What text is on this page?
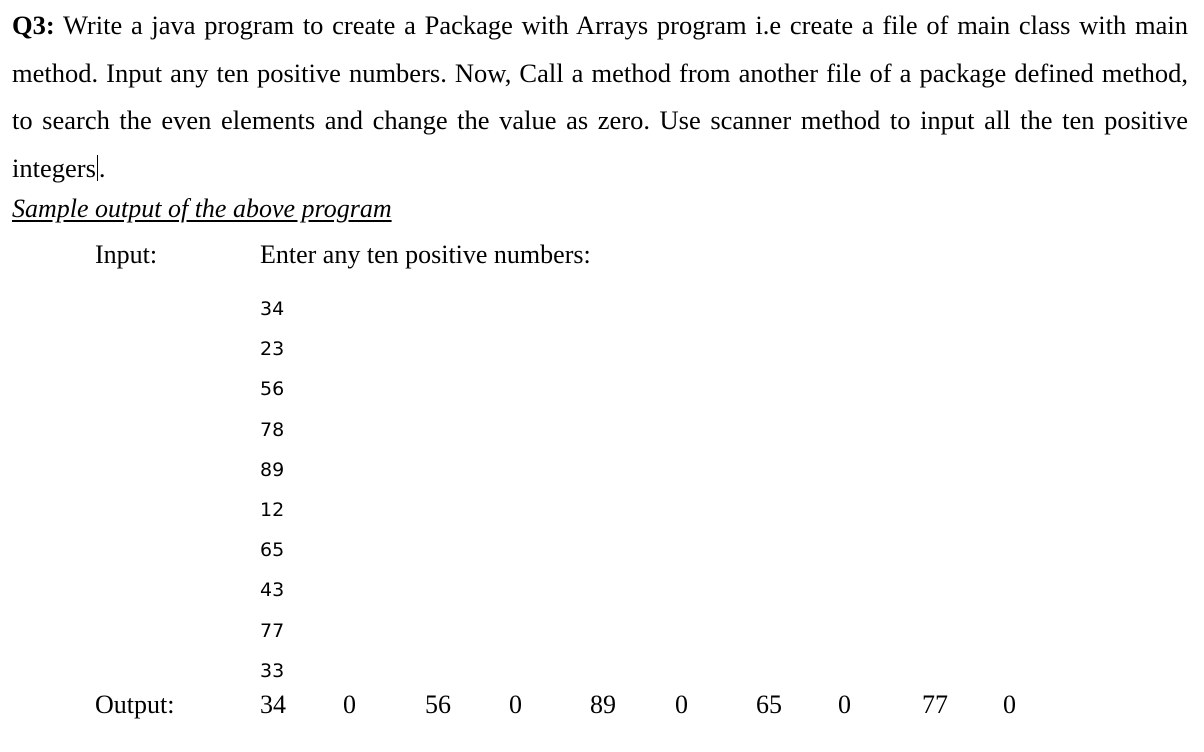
Q3: Write a java program to create a Package with Arrays program i.e create a file of main class with main method. Input any ten positive numbers. Now, Call a method from another file of a package defined method, to search the even elements and change the value as zero. Use scanner method to input all the ten positive integers .

Sample output of the above program
Input:	Enter any ten positive numbers:
34
23
56
78
89
12
65
43
77
33
Output:	34 0	56 0	89 0	65 0	77 0
